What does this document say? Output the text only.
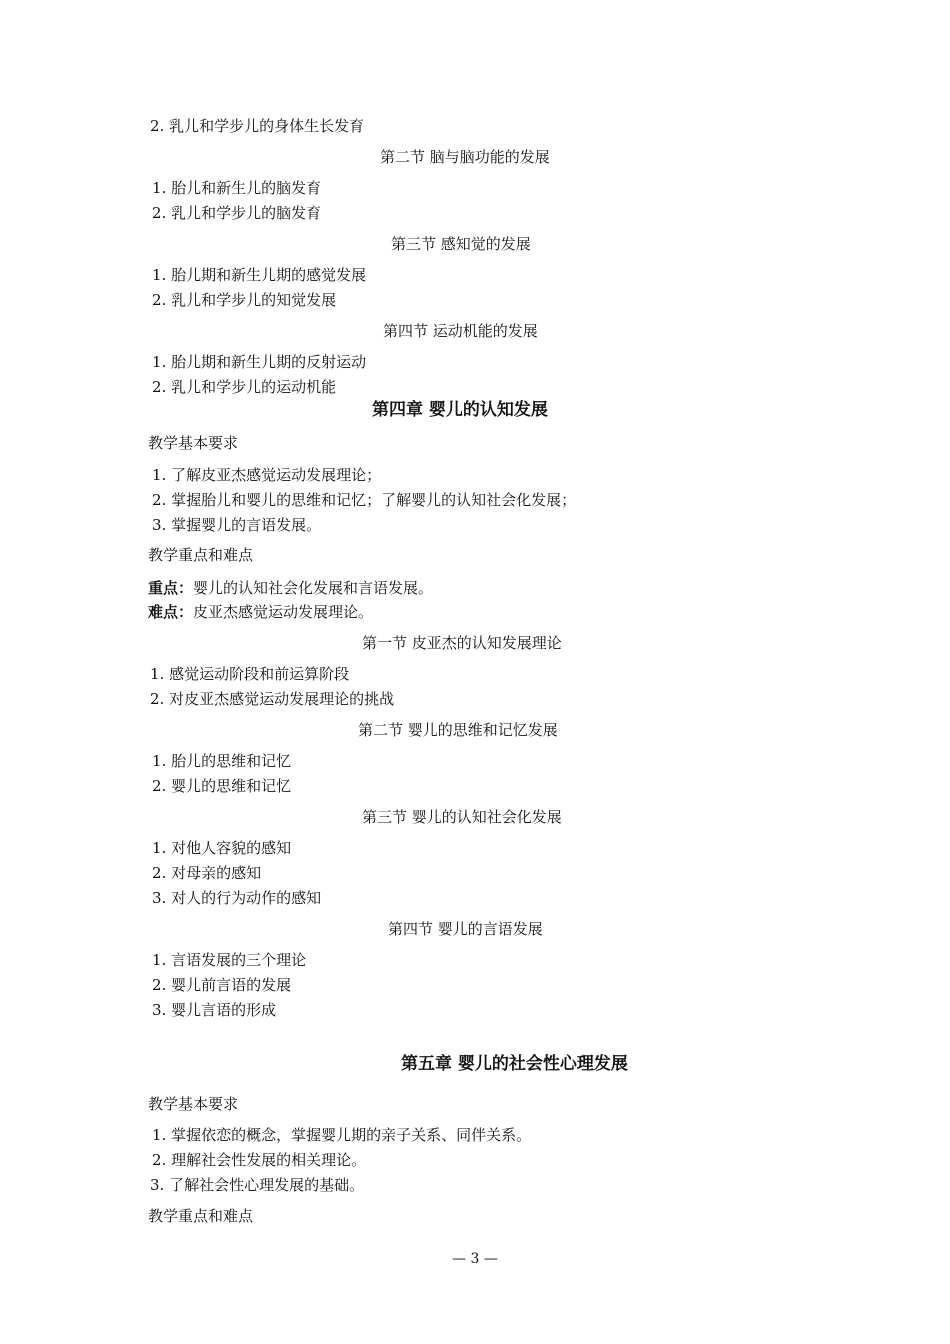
2. 乳儿和学步儿的身体生长发育
第二节 脑与脑功能的发展
1. 胎儿和新生儿的脑发育
2. 乳儿和学步儿的脑发育
第三节 感知觉的发展
1. 胎儿期和新生儿期的感觉发展
2. 乳儿和学步儿的知觉发展
第四节 运动机能的发展
1. 胎儿期和新生儿期的反射运动
2. 乳儿和学步儿的运动机能
第四章 婴儿的认知发展
教学基本要求
1. 了解皮亚杰感觉运动发展理论；
2. 掌握胎儿和婴儿的思维和记忆；了解婴儿的认知社会化发展；
3. 掌握婴儿的言语发展。
教学重点和难点
重点：婴儿的认知社会化发展和言语发展。
难点：皮亚杰感觉运动发展理论。
第一节 皮亚杰的认知发展理论
1. 感觉运动阶段和前运算阶段
2. 对皮亚杰感觉运动发展理论的挑战
第二节 婴儿的思维和记忆发展
1. 胎儿的思维和记忆
2. 婴儿的思维和记忆
第三节 婴儿的认知社会化发展
1. 对他人容貌的感知
2. 对母亲的感知
3. 对人的行为动作的感知
第四节 婴儿的言语发展
1. 言语发展的三个理论
2. 婴儿前言语的发展
3. 婴儿言语的形成
第五章 婴儿的社会性心理发展
教学基本要求
1. 掌握依恋的概念，掌握婴儿期的亲子关系、同伴关系。
2. 理解社会性发展的相关理论。
3. 了解社会性心理发展的基础。
教学重点和难点
— 3 —
